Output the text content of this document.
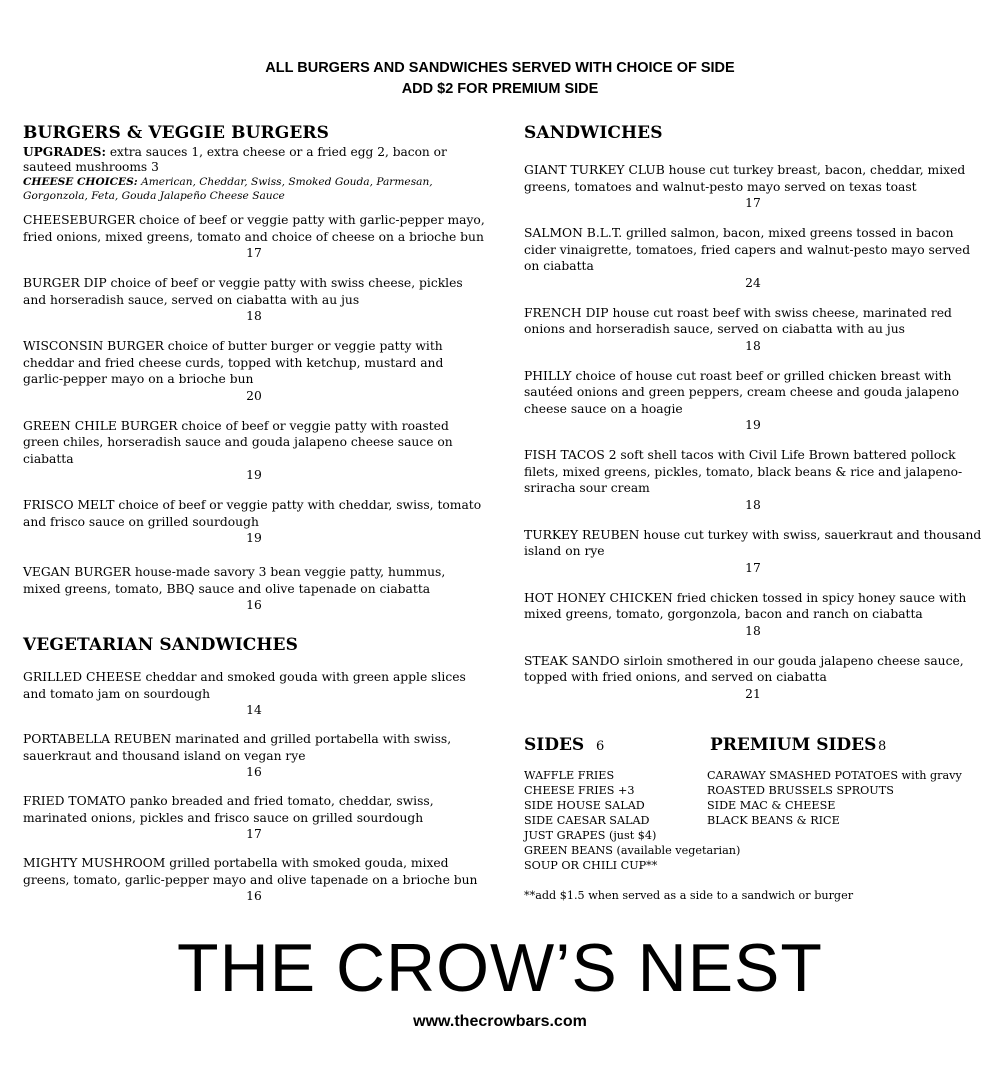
ALL BURGERS AND SANDWICHES SERVED WITH CHOICE OF SIDE
ADD $2 FOR PREMIUM SIDE
BURGERS & VEGGIE BURGERS
UPGRADES: extra sauces 1, extra cheese or a fried egg 2, bacon or sauteed mushrooms 3
CHEESE CHOICES: American, Cheddar, Swiss, Smoked Gouda, Parmesan, Gorgonzola, Feta, Gouda Jalapeño Cheese Sauce
CHEESEBURGER choice of beef or veggie patty with garlic-pepper mayo, fried onions, mixed greens, tomato and choice of cheese on a brioche bun
17
BURGER DIP choice of beef or veggie patty with swiss cheese, pickles and horseradish sauce, served on ciabatta with au jus
18
WISCONSIN BURGER choice of butter burger or veggie patty with cheddar and fried cheese curds, topped with ketchup, mustard and garlic-pepper mayo on a brioche bun
20
GREEN CHILE BURGER choice of beef or veggie patty with roasted green chiles, horseradish sauce and gouda jalapeno cheese sauce on ciabatta
19
FRISCO MELT choice of beef or veggie patty with cheddar, swiss, tomato and frisco sauce on grilled sourdough
19
VEGAN BURGER house-made savory 3 bean veggie patty, hummus, mixed greens, tomato, BBQ sauce and olive tapenade on ciabatta
16
VEGETARIAN SANDWICHES
GRILLED CHEESE cheddar and smoked gouda with green apple slices and tomato jam on sourdough
14
PORTABELLA REUBEN marinated and grilled portabella with swiss, sauerkraut and thousand island on vegan rye
16
FRIED TOMATO panko breaded and fried tomato, cheddar, swiss, marinated onions, pickles and frisco sauce on grilled sourdough
17
MIGHTY MUSHROOM grilled portabella with smoked gouda, mixed greens, tomato, garlic-pepper mayo and olive tapenade on a brioche bun
16
SANDWICHES
GIANT TURKEY CLUB house cut turkey breast, bacon, cheddar, mixed greens, tomatoes and walnut-pesto mayo served on texas toast
17
SALMON B.L.T. grilled salmon, bacon, mixed greens tossed in bacon cider vinaigrette, tomatoes, fried capers and walnut-pesto mayo served on ciabatta
24
FRENCH DIP house cut roast beef with swiss cheese, marinated red onions and horseradish sauce, served on ciabatta with au jus
18
PHILLY choice of house cut roast beef or grilled chicken breast with sautéed onions and green peppers, cream cheese and gouda jalapeno cheese sauce on a hoagie
19
FISH TACOS 2 soft shell tacos with Civil Life Brown battered pollock filets, mixed greens, pickles, tomato, black beans & rice and jalapeno-sriracha sour cream
18
TURKEY REUBEN house cut turkey with swiss, sauerkraut and thousand island on rye
17
HOT HONEY CHICKEN fried chicken tossed in spicy honey sauce with mixed greens, tomato, gorgonzola, bacon and ranch on ciabatta
18
STEAK SANDO sirloin smothered in our gouda jalapeno cheese sauce, topped with fried onions, and served on ciabatta
21
SIDES 6	PREMIUM SIDES 8
WAFFLE FRIES
CHEESE FRIES +3
SIDE HOUSE SALAD
SIDE CAESAR SALAD
JUST GRAPES (just $4)
GREEN BEANS (available vegetarian)
SOUP OR CHILI CUP**
CARAWAY SMASHED POTATOES with gravy
ROASTED BRUSSELS SPROUTS
SIDE MAC & CHEESE
BLACK BEANS & RICE
**add $1.5 when served as a side to a sandwich or burger
THE CROW’S NEST
www.thecrowbars.com
